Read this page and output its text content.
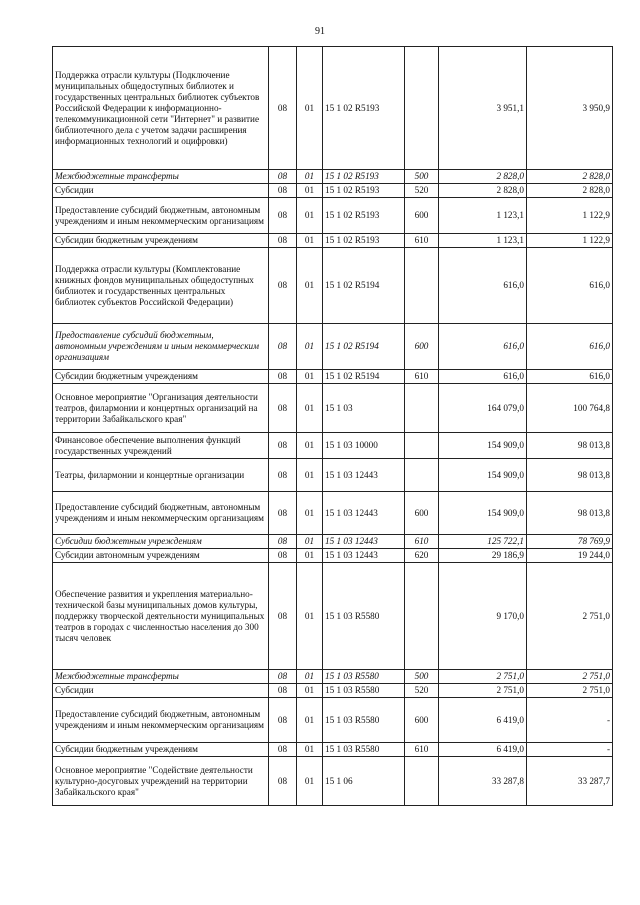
91
Поддержка отрасли культуры (Подключение муниципальных общедоступных библиотек и государственных центральных библиотек субъектов Российской Федерации к информационно-телекоммуникационной сети "Интернет" и развитие библиотечного дела с учетом задачи расширения информационных технологий и оцифровки)	08	01	15 1 02 R5193		3 951,1	3 950,9
Межбюджетные трансферты	08	01	15 1 02 R5193	500	2 828,0	2 828,0
Субсидии	08	01	15 1 02 R5193	520	2 828,0	2 828,0
Предоставление субсидий бюджетным, автономным учреждениям и иным некоммерческим организациям	08	01	15 1 02 R5193	600	1 123,1	1 122,9
Субсидии бюджетным учреждениям	08	01	15 1 02 R5193	610	1 123,1	1 122,9
Поддержка отрасли культуры (Комплектование книжных фондов муниципальных общедоступных библиотек и государственных центральных библиотек субъектов Российской Федерации)	08	01	15 1 02 R5194		616,0	616,0
Предоставление субсидий бюджетным, автономным учреждениям и иным некоммерческим организациям	08	01	15 1 02 R5194	600	616,0	616,0
Субсидии бюджетным учреждениям	08	01	15 1 02 R5194	610	616,0	616,0
Основное мероприятие "Организация деятельности театров, филармонии и концертных организаций на территории Забайкальского края"	08	01	15 1 03		164 079,0	100 764,8
Финансовое обеспечение выполнения функций государственных учреждений	08	01	15 1 03 10000		154 909,0	98 013,8
Театры, филармонии и концертные организации	08	01	15 1 03 12443		154 909,0	98 013,8
Предоставление субсидий бюджетным, автономным учреждениям и иным некоммерческим организациям	08	01	15 1 03 12443	600	154 909,0	98 013,8
Субсидии бюджетным учреждениям	08	01	15 1 03 12443	610	125 722,1	78 769,9
Субсидии автономным учреждениям	08	01	15 1 03 12443	620	29 186,9	19 244,0
Обеспечение развития и укрепления материально-технической базы муниципальных домов культуры, поддержку творческой деятельности муниципальных театров в городах с численностью населения до 300 тысяч человек	08	01	15 1 03 R5580		9 170,0	2 751,0
Межбюджетные трансферты	08	01	15 1 03 R5580	500	2 751,0	2 751,0
Субсидии	08	01	15 1 03 R5580	520	2 751,0	2 751,0
Предоставление субсидий бюджетным, автономным учреждениям и иным некоммерческим организациям	08	01	15 1 03 R5580	600	6 419,0	-
Субсидии бюджетным учреждениям	08	01	15 1 03 R5580	610	6 419,0	-
Основное мероприятие "Содействие деятельности культурно-досуговых учреждений на территории Забайкальского края"	08	01	15 1 06		33 287,8	33 287,7
